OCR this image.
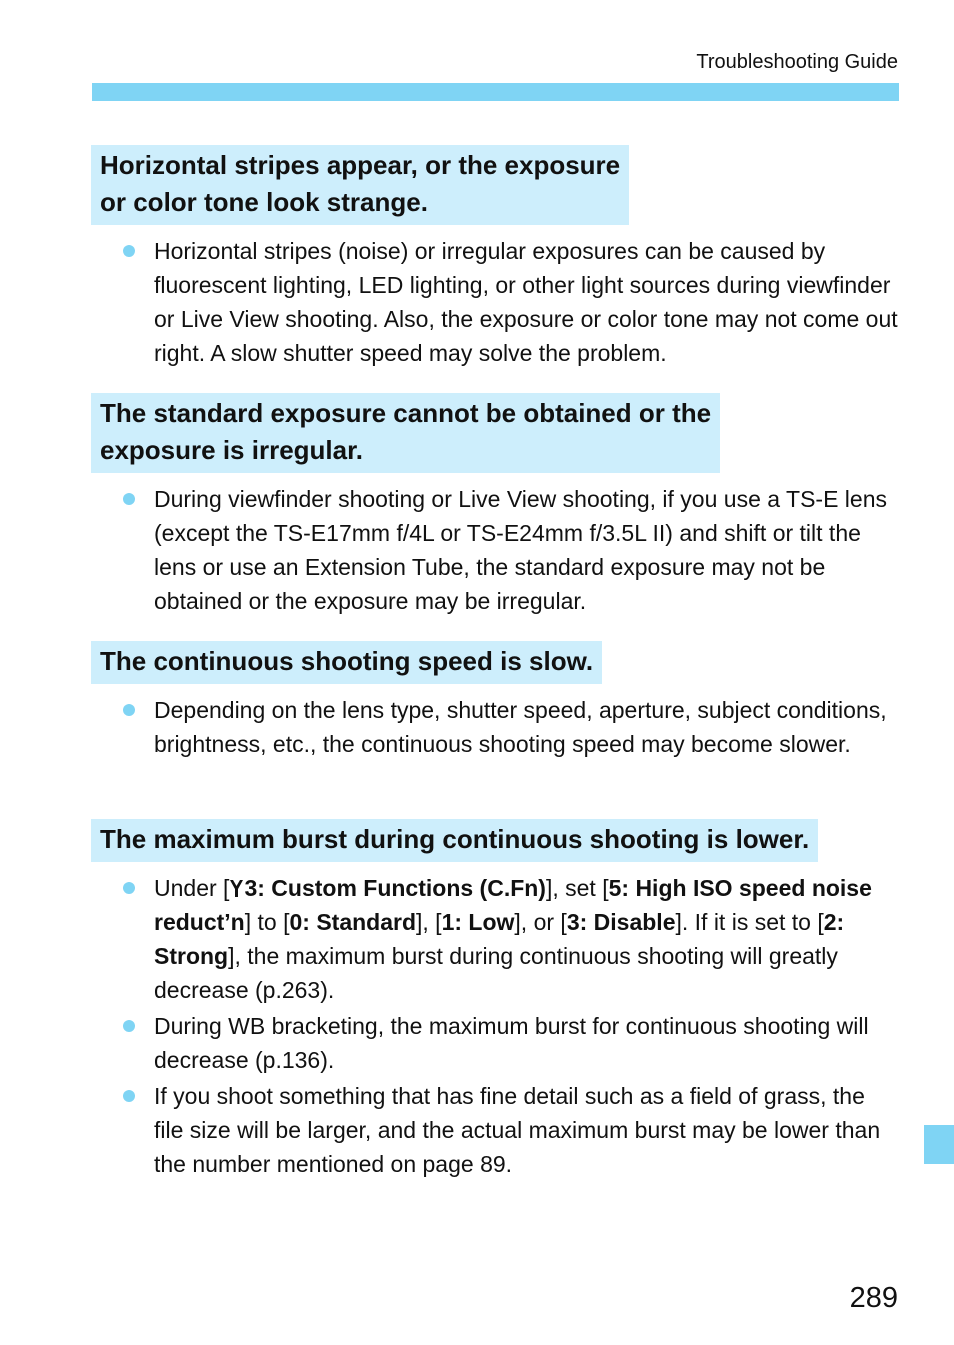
Troubleshooting Guide
Horizontal stripes appear, or the exposure
or color tone look strange.
Horizontal stripes (noise) or irregular exposures can be caused by fluorescent lighting, LED lighting, or other light sources during viewfinder or Live View shooting. Also, the exposure or color tone may not come out right. A slow shutter speed may solve the problem.
The standard exposure cannot be obtained or the
exposure is irregular.
During viewfinder shooting or Live View shooting, if you use a TS-E lens (except the TS-E17mm f/4L or TS-E24mm f/3.5L II) and shift or tilt the lens or use an Extension Tube, the standard exposure may not be obtained or the exposure may be irregular.
The continuous shooting speed is slow.
Depending on the lens type, shutter speed, aperture, subject conditions, brightness, etc., the continuous shooting speed may become slower.
The maximum burst during continuous shooting is lower.
Under [ 3: Custom Functions (C.Fn)], set [5: High ISO speed noise reduct’n] to [0: Standard], [1: Low], or [3: Disable]. If it is set to [2: Strong], the maximum burst during continuous shooting will greatly decrease (p.263).
During WB bracketing, the maximum burst for continuous shooting will decrease (p.136).
If you shoot something that has fine detail such as a field of grass, the file size will be larger, and the actual maximum burst may be lower than the number mentioned on page 89.
289
